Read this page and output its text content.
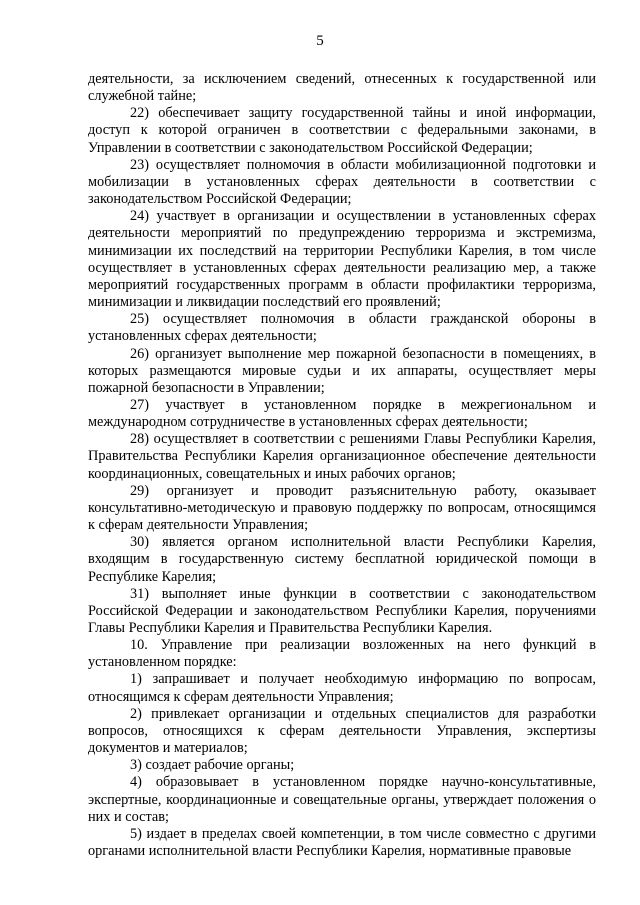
5

деятельности, за исключением сведений, отнесенных к государственной или служебной тайне;

22) обеспечивает защиту государственной тайны и иной информации, доступ к которой ограничен в соответствии с федеральными законами, в Управлении в соответствии с законодательством Российской Федерации;

23) осуществляет полномочия в области мобилизационной подготовки и мобилизации в установленных сферах деятельности в соответствии с законодательством Российской Федерации;

24) участвует в организации и осуществлении в установленных сферах деятельности мероприятий по предупреждению терроризма и экстремизма, минимизации их последствий на территории Республики Карелия, в том числе осуществляет в установленных сферах деятельности реализацию мер, а также мероприятий государственных программ в области профилактики терроризма, минимизации и ликвидации последствий его проявлений;

25) осуществляет полномочия в области гражданской обороны в установленных сферах деятельности;

26) организует выполнение мер пожарной безопасности в помещениях, в которых размещаются мировые судьи и их аппараты, осуществляет меры пожарной безопасности в Управлении;

27) участвует в установленном порядке в межрегиональном и международном сотрудничестве в установленных сферах деятельности;

28) осуществляет в соответствии с решениями Главы Республики Карелия, Правительства Республики Карелия организационное обеспечение деятельности координационных, совещательных и иных рабочих органов;

29) организует и проводит разъяснительную работу, оказывает консультативно-методическую и правовую поддержку по вопросам, относящимся к сферам деятельности Управления;

30) является органом исполнительной власти Республики Карелия, входящим в государственную систему бесплатной юридической помощи в Республике Карелия;

31) выполняет иные функции в соответствии с законодательством Российской Федерации и законодательством Республики Карелия, поручениями Главы Республики Карелия и Правительства Республики Карелия.

10. Управление при реализации возложенных на него функций в установленном порядке:

1) запрашивает и получает необходимую информацию по вопросам, относящимся к сферам деятельности Управления;

2) привлекает организации и отдельных специалистов для разработки вопросов, относящихся к сферам деятельности Управления, экспертизы документов и материалов;

3) создает рабочие органы;

4) образовывает в установленном порядке научно-консультативные, экспертные, координационные и совещательные органы, утверждает положения о них и состав;

5) издает в пределах своей компетенции, в том числе совместно с другими органами исполнительной власти Республики Карелия, нормативные правовые
